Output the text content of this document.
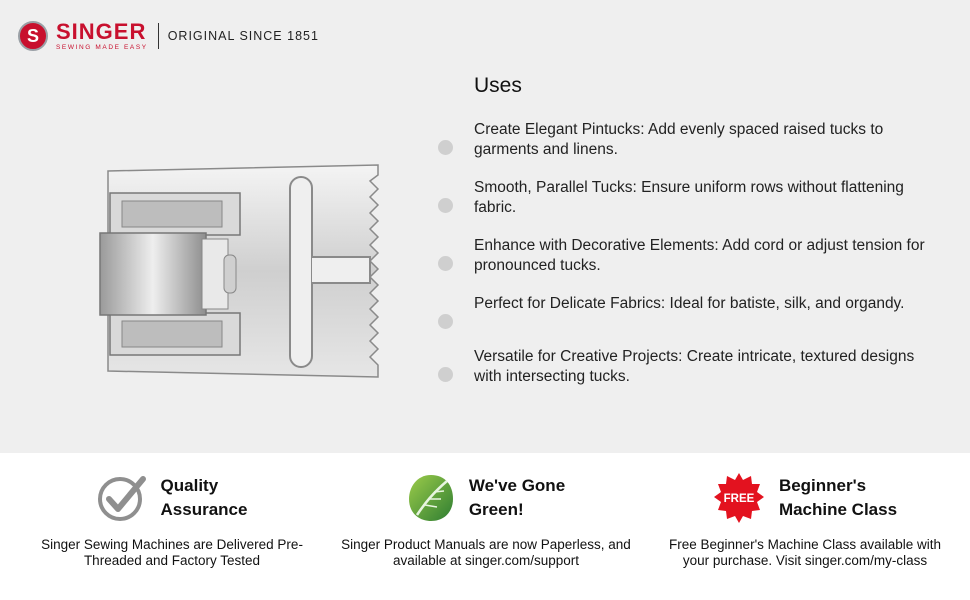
S SINGER
SEWING MADE EASY
ORIGINAL SINCE 1851
Uses
Create Elegant Pintucks: Add evenly spaced raised tucks to garments and linens.
Smooth, Parallel Tucks: Ensure uniform rows without flattening fabric.
Enhance with Decorative Elements: Add cord or adjust tension for pronounced tucks.
Perfect for Delicate Fabrics: Ideal for batiste, silk, and organdy.
Versatile for Creative Projects: Create intricate, textured designs with intersecting tucks.
Quality
Assurance
Singer Sewing Machines are Delivered Pre-Threaded and Factory Tested
We've Gone
Green!
Singer Product Manuals are now Paperless, and available at singer.com/support
FREE
Beginner's
Machine Class
Free Beginner's Machine Class available with your purchase. Visit singer.com/my-class
